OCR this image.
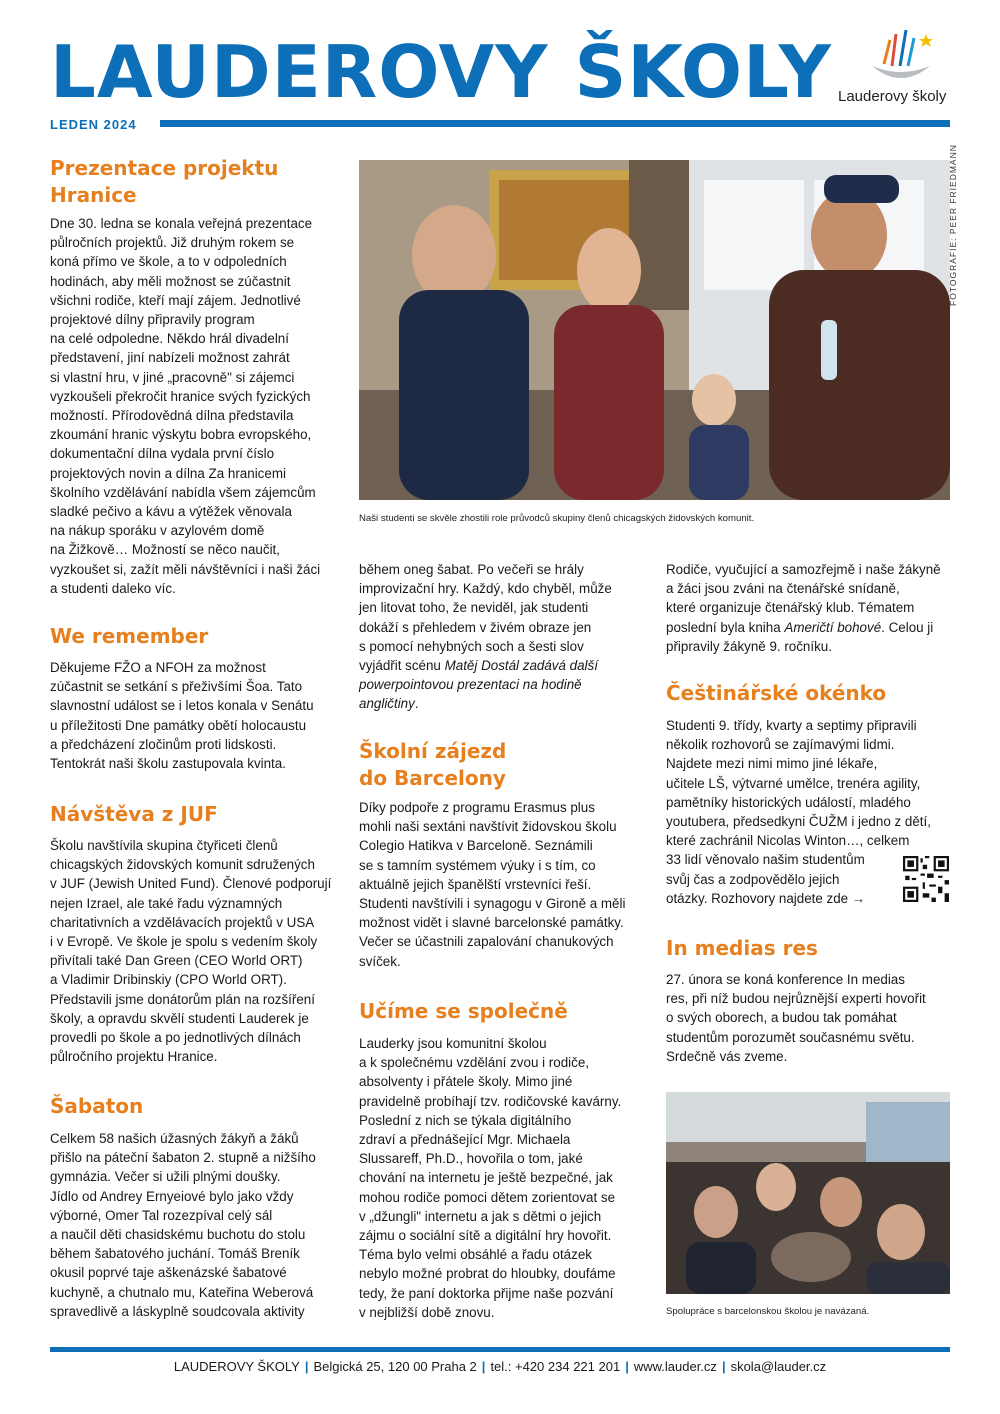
LAUDEROVY ŠKOLY Lauderovy školy
LEDEN 2024
Prezentace projektu
Hranice
Dne 30. ledna se konala veřejná prezentace
půlročních projektů. Již druhým rokem se
koná přímo ve škole, a to v odpoledních
hodinách, aby měli možnost se zúčastnit
všichni rodiče, kteří mají zájem. Jednotlivé
projektové dílny připravily program
na celé odpoledne. Někdo hrál divadelní
představení, jiní nabízeli možnost zahrát
si vlastní hru, v jiné „pracovně" si zájemci
vyzkoušeli překročit hranice svých fyzických
možností. Přírodovědná dílna představila
zkoumání hranic výskytu bobra evropského,
dokumentační dílna vydala první číslo
projektových novin a dílna Za hranicemi
školního vzdělávání nabídla všem zájemcům
sladké pečivo a kávu a výtěžek věnovala
na nákup sporáku v azylovém domě
na Žižkově… Možností se něco naučit,
vyzkoušet si, zažít měli návštěvníci i naši žáci
a studenti daleko víc.
We remember
Děkujeme FŽO a NFOH za možnost
zúčastnit se setkání s přeživšími Šoa. Tato
slavnostní událost se i letos konala v Senátu
u příležitosti Dne památky obětí holocaustu
a předcházení zločinům proti lidskosti.
Tentokrát naši školu zastupovala kvinta.
Návštěva z JUF
Školu navštívila skupina čtyřiceti členů
chicagských židovských komunit sdružených
v JUF (Jewish United Fund). Členové podporují
nejen Izrael, ale také řadu významných
charitativních a vzdělávacích projektů v USA
i v Evropě. Ve škole je spolu s vedením školy
přivítali také Dan Green (CEO World ORT)
a Vladimir Dribinskiy (CPO World ORT).
Představili jsme donátorům plán na rozšíření
školy, a opravdu skvělí studenti Lauderek je
provedli po škole a po jednotlivých dílnách
půlročního projektu Hranice.
Šabaton
Celkem 58 našich úžasných žákyň a žáků
přišlo na páteční šabaton 2. stupně a nižšího
gymnázia. Večer si užili plnými doušky.
Jídlo od Andrey Ernyeiové bylo jako vždy
výborné, Omer Tal rozezpíval celý sál
a naučil děti chasidskému buchotu do stolu
během šabatového juchání. Tomáš Breník
okusil poprvé taje aškenázské šabatové
kuchyně, a chutnalo mu, Kateřina Weberová
spravedlivě a láskyplně soudcovala aktivity
FOTOGRAFIE: PEER FRIEDMANN
Naši studenti se skvěle zhostili role průvodců skupiny členů chicagských židovských komunit.
během oneg šabat. Po večeři se hrály
improvizační hry. Každý, kdo chyběl, může
jen litovat toho, že neviděl, jak studenti
dokáží s přehledem v živém obraze jen
s pomocí nehybných soch a šesti slov
vyjádřit scénu Matěj Dostál zadává další
powerpointovou prezentaci na hodině
angličtiny.
Školní zájezd
do Barcelony
Díky podpoře z programu Erasmus plus
mohli naši sextáni navštívit židovskou školu
Colegio Hatikva v Barceloně. Seznámili
se s tamním systémem výuky i s tím, co
aktuálně jejich španělští vrstevníci řeší.
Studenti navštívili i synagogu v Gironě a měli
možnost vidět i slavné barcelonské památky.
Večer se účastnili zapalování chanukových
svíček.
Učíme se společně
Lauderky jsou komunitní školou
a k společnému vzdělání zvou i rodiče,
absolventy i přátele školy. Mimo jiné
pravidelně probíhají tzv. rodičovské kavárny.
Poslední z nich se týkala digitálního
zdraví a přednášející Mgr. Michaela
Slussareff, Ph.D., hovořila o tom, jaké
chování na internetu je ještě bezpečné, jak
mohou rodiče pomoci dětem zorientovat se
v „džungli" internetu a jak s dětmi o jejich
zájmu o sociální sítě a digitální hry hovořit.
Téma bylo velmi obsáhlé a řadu otázek
nebylo možné probrat do hloubky, doufáme
tedy, že paní doktorka přijme naše pozvání
v nejbližší době znovu.
Rodiče, vyučující a samozřejmě i naše žákyně
a žáci jsou zváni na čtenářské snídaně,
které organizuje čtenářský klub. Tématem
poslední byla kniha Američtí bohové. Celou ji
připravily žákyně 9. ročníku.
Češtinářské okénko
Studenti 9. třídy, kvarty a septimy připravili
několik rozhovorů se zajímavými lidmi.
Najdete mezi nimi mimo jiné lékaře,
učitele LŠ, výtvarné umělce, trenéra agility,
pamětníky historických událostí, mladého
youtubera, předsedkyni ČUŽM i jedno z dětí,
které zachránil Nicolas Winton…, celkem
33 lidí věnovalo našim studentům
svůj čas a zodpovědělo jejich
otázky. Rozhovory najdete zde →
In medias res
27. února se koná konference In medias
res, při níž budou nejrůznější experti hovořit
o svých oborech, a budou tak pomáhat
studentům porozumět současnému světu.
Srdečně vás zveme.
Spolupráce s barcelonskou školou je navázaná.
LAUDEROVY ŠKOLY | Belgická 25, 120 00 Praha 2 | tel.: +420 234 221 201 | www.lauder.cz | skola@lauder.cz
